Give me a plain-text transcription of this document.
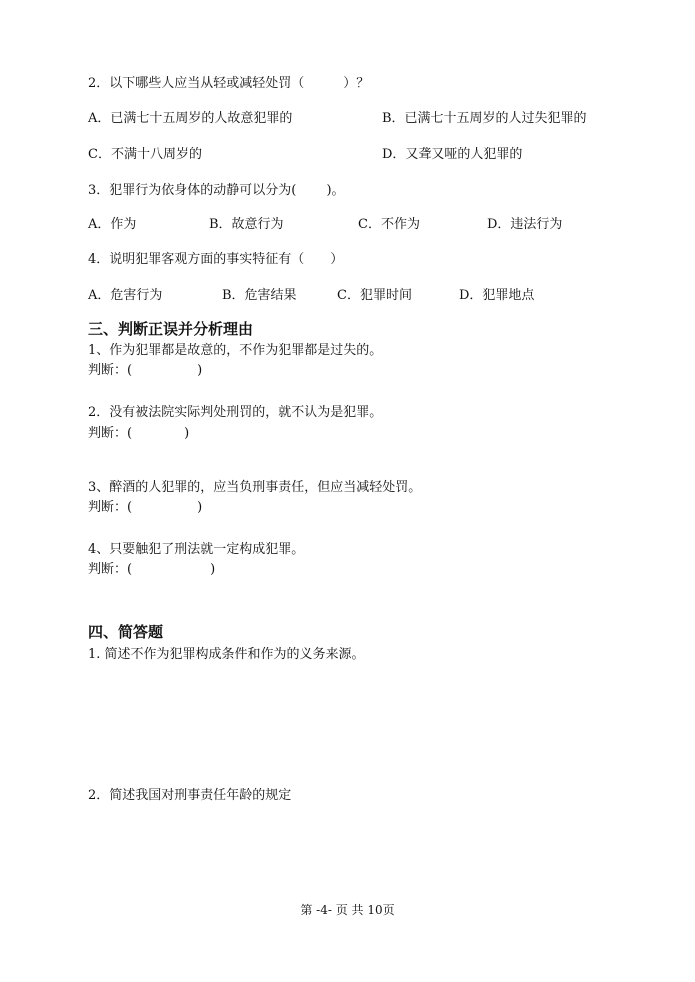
2．以下哪些人应当从轻或减轻处罚（　　　）？
A．已满七十五周岁的人故意犯罪的	B．已满七十五周岁的人过失犯罪的
C．不满十八周岁的	D．又聋又哑的人犯罪的
3．犯罪行为依身体的动静可以分为(　　 )。
A．作为	B．故意行为	C．不作为	D．违法行为
4．说明犯罪客观方面的事实特征有（　　）
A．危害行为	B．危害结果	C．犯罪时间	D．犯罪地点
三、判断正误并分析理由
1、作为犯罪都是故意的，不作为犯罪都是过失的。
判断：(　　　　　)
2．没有被法院实际判处刑罚的，就不认为是犯罪。
判断：(　　　　)
3、醉酒的人犯罪的，应当负刑事责任，但应当减轻处罚。
判断：(　　　　　)
4、只要触犯了刑法就一定构成犯罪。
判断：(　　　　　　)
四、简答题
1. 简述不作为犯罪构成条件和作为的义务来源。
2．简述我国对刑事责任年龄的规定
第 -4- 页 共 10页
